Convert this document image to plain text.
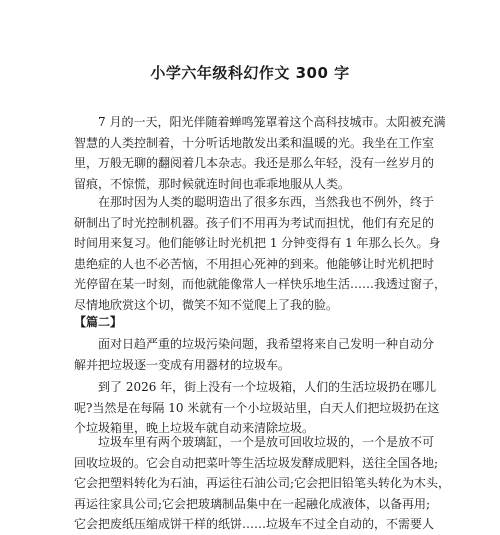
小学六年级科幻作文 300 字

　　7 月的一天，阳光伴随着蝉鸣笼罩着这个高科技城市。太阳被充满
智慧的人类控制着，十分听话地散发出柔和温暖的光。我坐在工作室
里，万般无聊的翻阅着几本杂志。我还是那么年轻，没有一丝岁月的
留痕，不惊慌，那时候就连时间也乖乖地服从人类。

　　在那时因为人类的聪明造出了很多东西，当然我也不例外，终于
研制出了时光控制机器。孩子们不用再为考试而担忧，他们有充足的
时间用来复习。他们能够让时光机把 1 分钟变得有 1 年那么长久。身
患绝症的人也不必苦恼，不用担心死神的到来。他能够让时光机把时
光停留在某一时刻，而他就能像常人一样快乐地生活……我透过窗子，
尽情地欣赏这个切，微笑不知不觉爬上了我的脸。

【篇二】

　　面对日趋严重的垃圾污染问题，我希望将来自己发明一种自动分
解并把垃圾逐一变成有用器材的垃圾车。

　　到了 2026 年，街上没有一个垃圾箱，人们的生活垃圾扔在哪儿
呢?当然是在每隔 10 米就有一个小垃圾站里，白天人们把垃圾扔在这
个垃圾箱里，晚上垃圾车就自动来清除垃圾。

　　垃圾车里有两个玻璃缸，一个是放可回收垃圾的，一个是放不可
回收垃圾的。它会自动把菜叶等生活垃圾发酵成肥料，送往全国各地;
它会把塑料转化为石油，再运往石油公司;它会把旧铅笔头转化为木头，
再运往家具公司;它会把玻璃制品集中在一起融化成液体，以备再用;
它会把废纸压缩成饼干样的纸饼……垃圾车不过全自动的，不需要人
